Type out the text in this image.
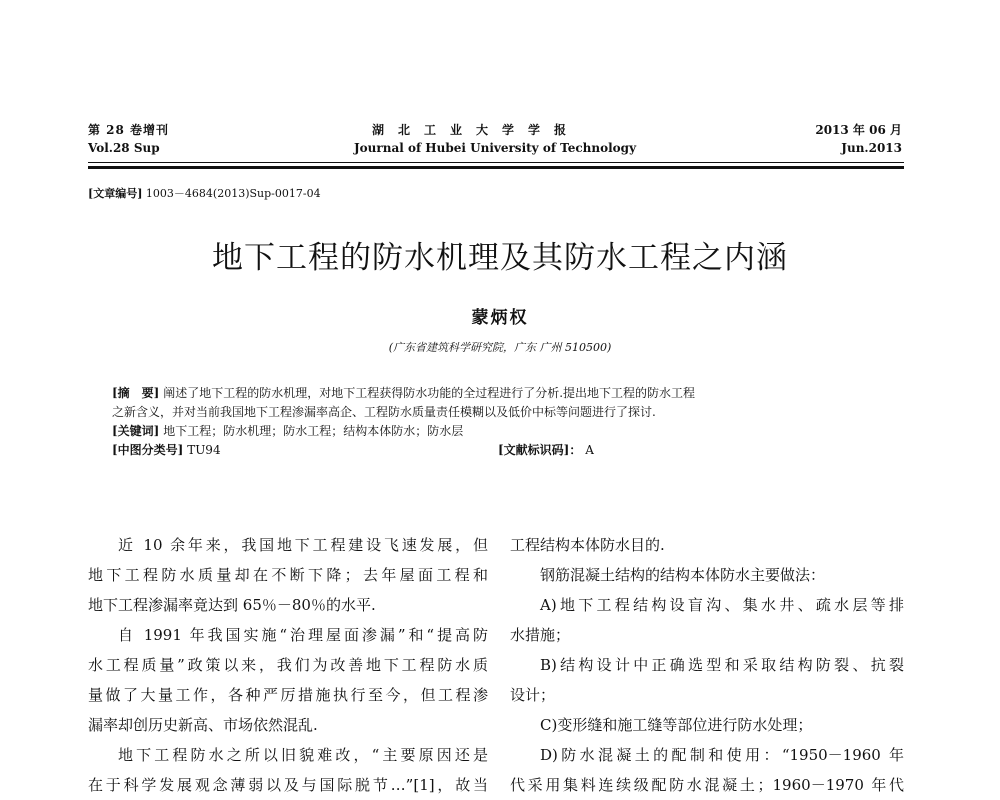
第 28 卷增刊
Vol.28 Sup
湖北工业大学学报
Journal of Hubei University of Technology
2013 年 06 月
Jun.2013
[文章编号] 1003－4684(2013)Sup-0017-04
地下工程的防水机理及其防水工程之内涵
蒙炳权
(广东省建筑科学研究院，广东 广州 510500)
[摘　要] 阐述了地下工程的防水机理，对地下工程获得防水功能的全过程进行了分析.提出地下工程的防水工程
之新含义，并对当前我国地下工程渗漏率高企、工程防水质量责任模糊以及低价中标等问题进行了探讨.
[关键词] 地下工程；防水机理；防水工程；结构本体防水；防水层
[中图分类号] TU94	[文献标识码]： A

近 10 余年来，我国地下工程建设飞速发展，但

地下工程防水质量却在不断下降；去年屋面工程和

地下工程渗漏率竟达到 65％－80％的水平.

自 1991 年我国实施“治理屋面渗漏”和“提高防

水工程质量”政策以来，我们为改善地下工程防水质

量做了大量工作，各种严厉措施执行至今，但工程渗

漏率却创历史新高、市场依然混乱.

地下工程防水之所以旧貌难改，“主要原因还是

在于科学发展观念薄弱以及与国际脱节…”[1]，故当

工程结构本体防水目的.

钢筋混凝土结构的结构本体防水主要做法：

A)地下工程结构设盲沟、集水井、疏水层等排

水措施；

B)结构设计中正确选型和采取结构防裂、抗裂

设计；

C)变形缝和施工缝等部位进行防水处理；

D)防水混凝土的配制和使用：“1950－1960 年

代采用集料连续级配防水混凝土；1960－1970 年代
